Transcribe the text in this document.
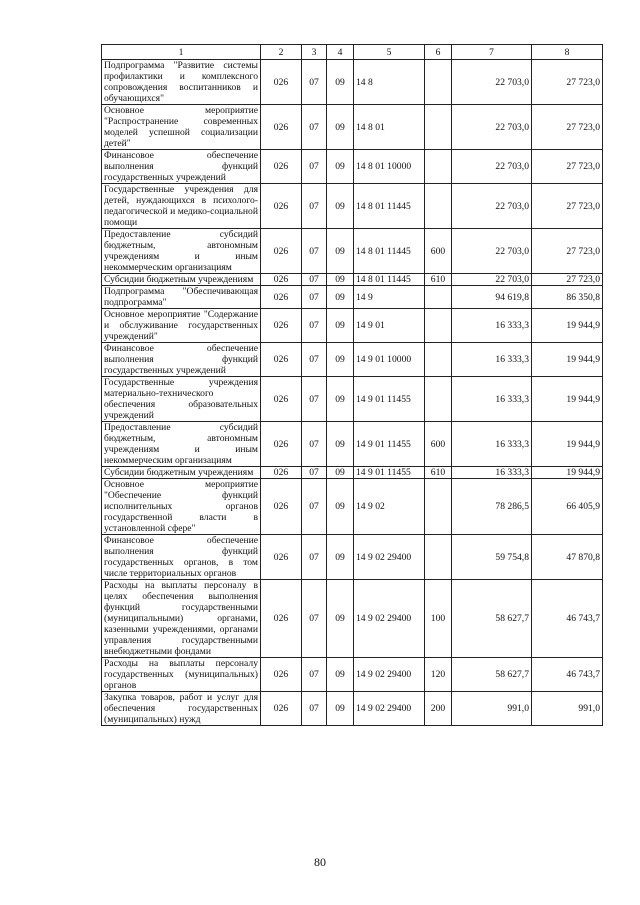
1	2	3	4	5	6	7	8
Подпрограмма "Развитие системы профилактики и комплексного сопровождения воспитанников и обучающихся"	026	07	09	14 8		22 703,0	27 723,0
Основное мероприятие "Распространение современных моделей успешной социализации детей"	026	07	09	14 8 01		22 703,0	27 723,0
Финансовое обеспечение выполнения функций государственных учреждений	026	07	09	14 8 01 10000		22 703,0	27 723,0
Государственные учреждения для детей, нуждающихся в психолого-педагогической и медико-социальной помощи	026	07	09	14 8 01 11445		22 703,0	27 723,0
Предоставление субсидий бюджетным, автономным учреждениям и иным некоммерческим организациям	026	07	09	14 8 01 11445	600	22 703,0	27 723,0
Субсидии бюджетным учреждениям	026	07	09	14 8 01 11445	610	22 703,0	27 723,0
Подпрограмма "Обеспечивающая подпрограмма"	026	07	09	14 9		94 619,8	86 350,8
Основное мероприятие "Содержание и обслуживание государственных учреждений"	026	07	09	14 9 01		16 333,3	19 944,9
Финансовое обеспечение выполнения функций государственных учреждений	026	07	09	14 9 01 10000		16 333,3	19 944,9
Государственные учреждения материально-технического обеспечения образовательных учреждений	026	07	09	14 9 01 11455		16 333,3	19 944,9
Предоставление субсидий бюджетным, автономным учреждениям и иным некоммерческим организациям	026	07	09	14 9 01 11455	600	16 333,3	19 944,9
Субсидии бюджетным учреждениям	026	07	09	14 9 01 11455	610	16 333,3	19 944,9
Основное мероприятие "Обеспечение функций исполнительных органов государственной власти в установленной сфере"	026	07	09	14 9 02		78 286,5	66 405,9
Финансовое обеспечение выполнения функций государственных органов, в том числе территориальных органов	026	07	09	14 9 02 29400		59 754,8	47 870,8
Расходы на выплаты персоналу в целях обеспечения выполнения функций государственными (муниципальными) органами, казенными учреждениями, органами управления государственными внебюджетными фондами	026	07	09	14 9 02 29400	100	58 627,7	46 743,7
Расходы на выплаты персоналу государственных (муниципальных) органов	026	07	09	14 9 02 29400	120	58 627,7	46 743,7
Закупка товаров, работ и услуг для обеспечения государственных (муниципальных) нужд	026	07	09	14 9 02 29400	200	991,0	991,0
80
